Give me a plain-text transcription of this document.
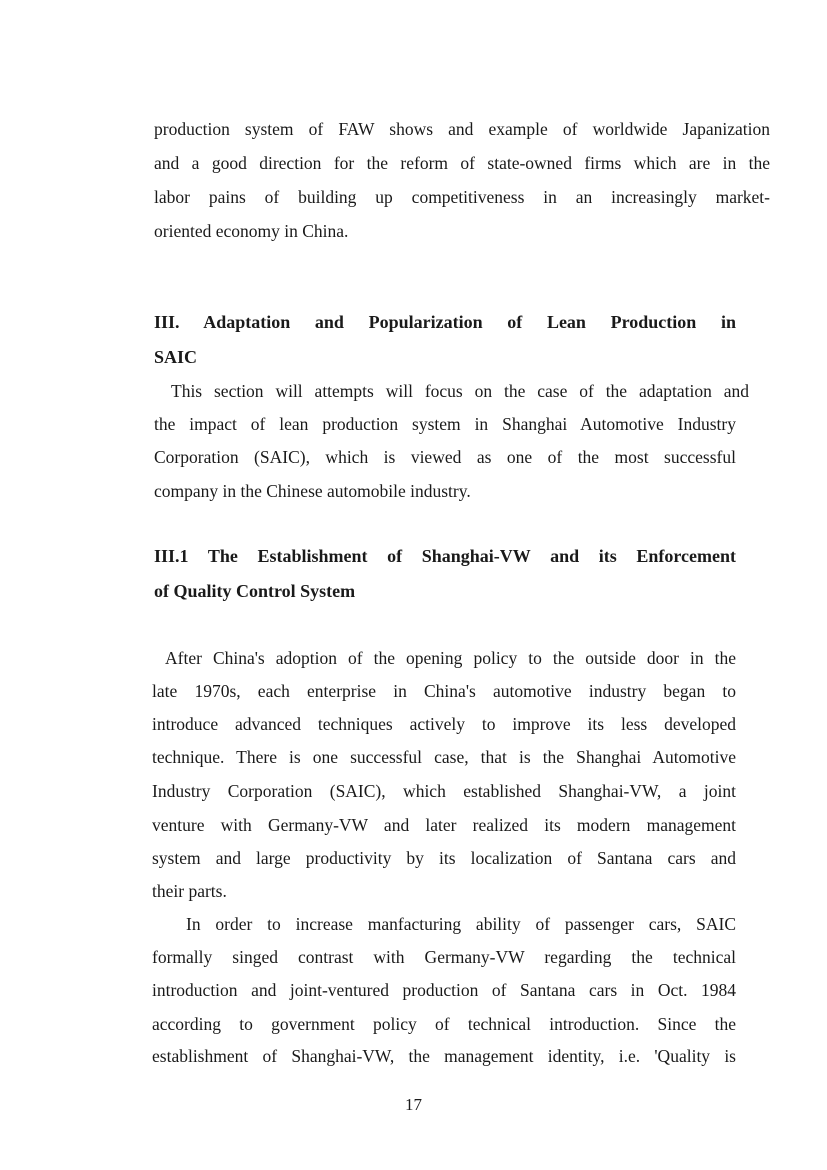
production system of FAW shows and example of worldwide Japanization
and a good direction for the reform of state-owned firms which are in the
labor pains of building up competitiveness in an increasingly market-
oriented economy in China.
III. Adaptation and Popularization of Lean Production in
SAIC
This section will attempts will focus on the case of the adaptation and
the impact of lean production system in Shanghai Automotive Industry
Corporation (SAIC), which is viewed as one of the most successful
company in the Chinese automobile industry.
III.1 The Establishment of Shanghai-VW and its Enforcement
of Quality Control System
After China's adoption of the opening policy to the outside door in the
late 1970s, each enterprise in China's automotive industry began to
introduce advanced techniques actively to improve its less developed
technique. There is one successful case, that is the Shanghai Automotive
Industry Corporation (SAIC), which established Shanghai-VW, a joint
venture with Germany-VW and later realized its modern management
system and large productivity by its localization of Santana cars and
their parts.
In order to increase manfacturing ability of passenger cars, SAIC
formally singed contrast with Germany-VW regarding the technical
introduction and joint-ventured production of Santana cars in Oct. 1984
according to government policy of technical introduction. Since the
establishment of Shanghai-VW, the management identity, i.e. 'Quality is
17
